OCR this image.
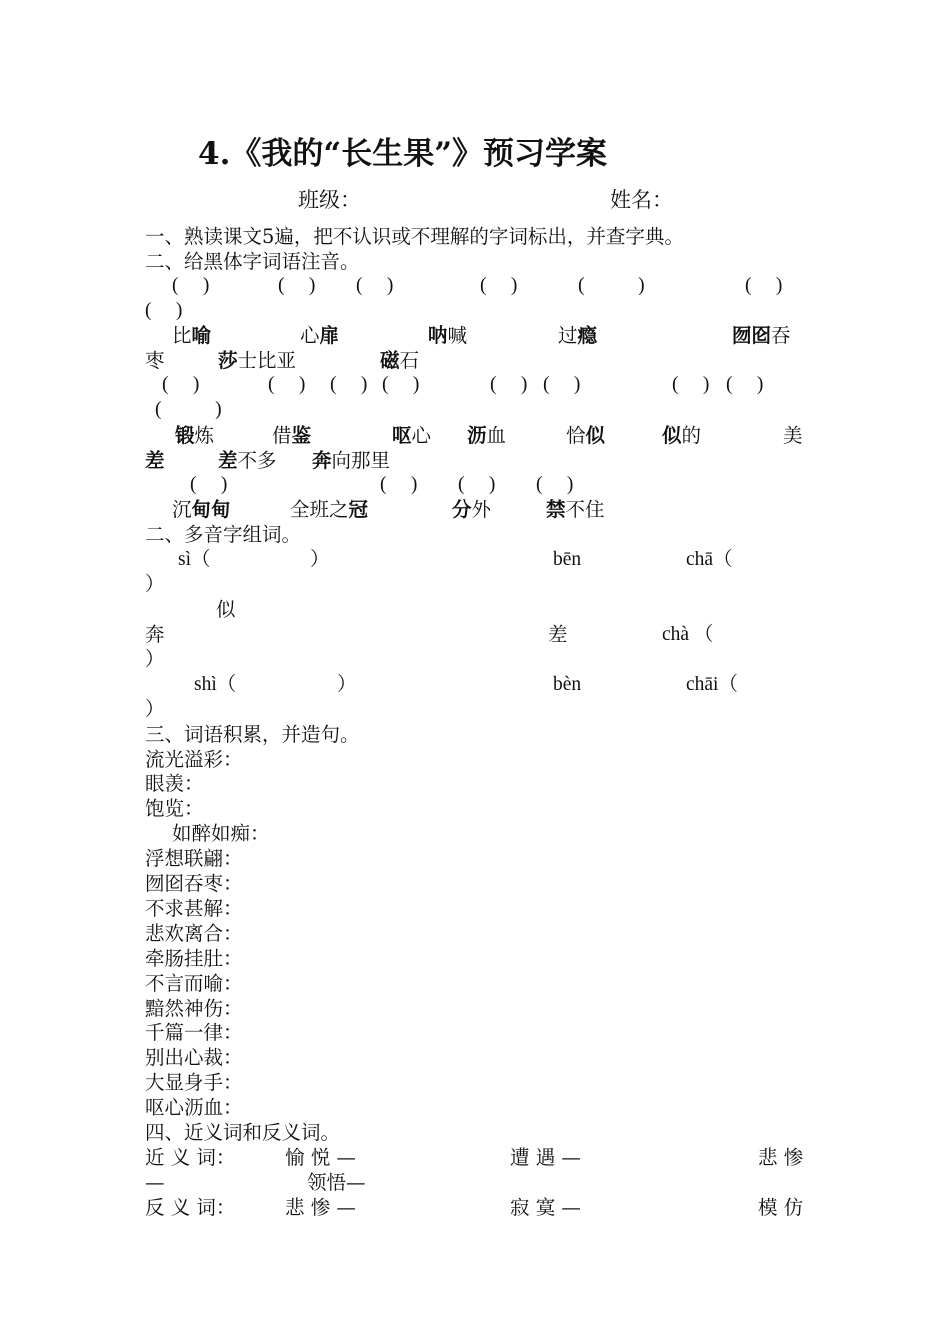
4.《我的“长生果”》预习学案
班级：	姓名：
一、熟读课文5遍，把不认识或不理解的字词标出，并查字典。
二、给黑体字词语注音。
(     )	(     ) (     )	(     )	(           )	(     )
(     )
比喻	心扉	呐喊	过瘾	囫囵吞
枣	莎士比亚	磁石
(     )	(     ) (     ) (     )	(     ) (     )	(     ) (     )
(           )
锻炼	借鉴	呕心 沥血	恰似	似的	美
差	差不多 奔向那里
(     )	(     ) (     ) (     )
沉甸甸	全班之冠	分外	禁不住
二、多音字组词。
sì（	）	bēn	chā（
）
似
奔	差	chà （
）
shì（	）	bèn	chāi（
）
三、词语积累，并造句。
流光溢彩：
眼羡：
饱览：
如醉如痴：
浮想联翩：
囫囵吞枣：
不求甚解：
悲欢离合：
牵肠挂肚：
不言而喻：
黯然神伤：
千篇一律：
别出心裁：
大显身手：
呕心沥血：
四、近义词和反义词。
近 义 词：	愉 悦 —	遭 遇 —	悲 惨
—	领悟—
反 义 词：	悲 惨 —	寂 寞 —	模 仿
